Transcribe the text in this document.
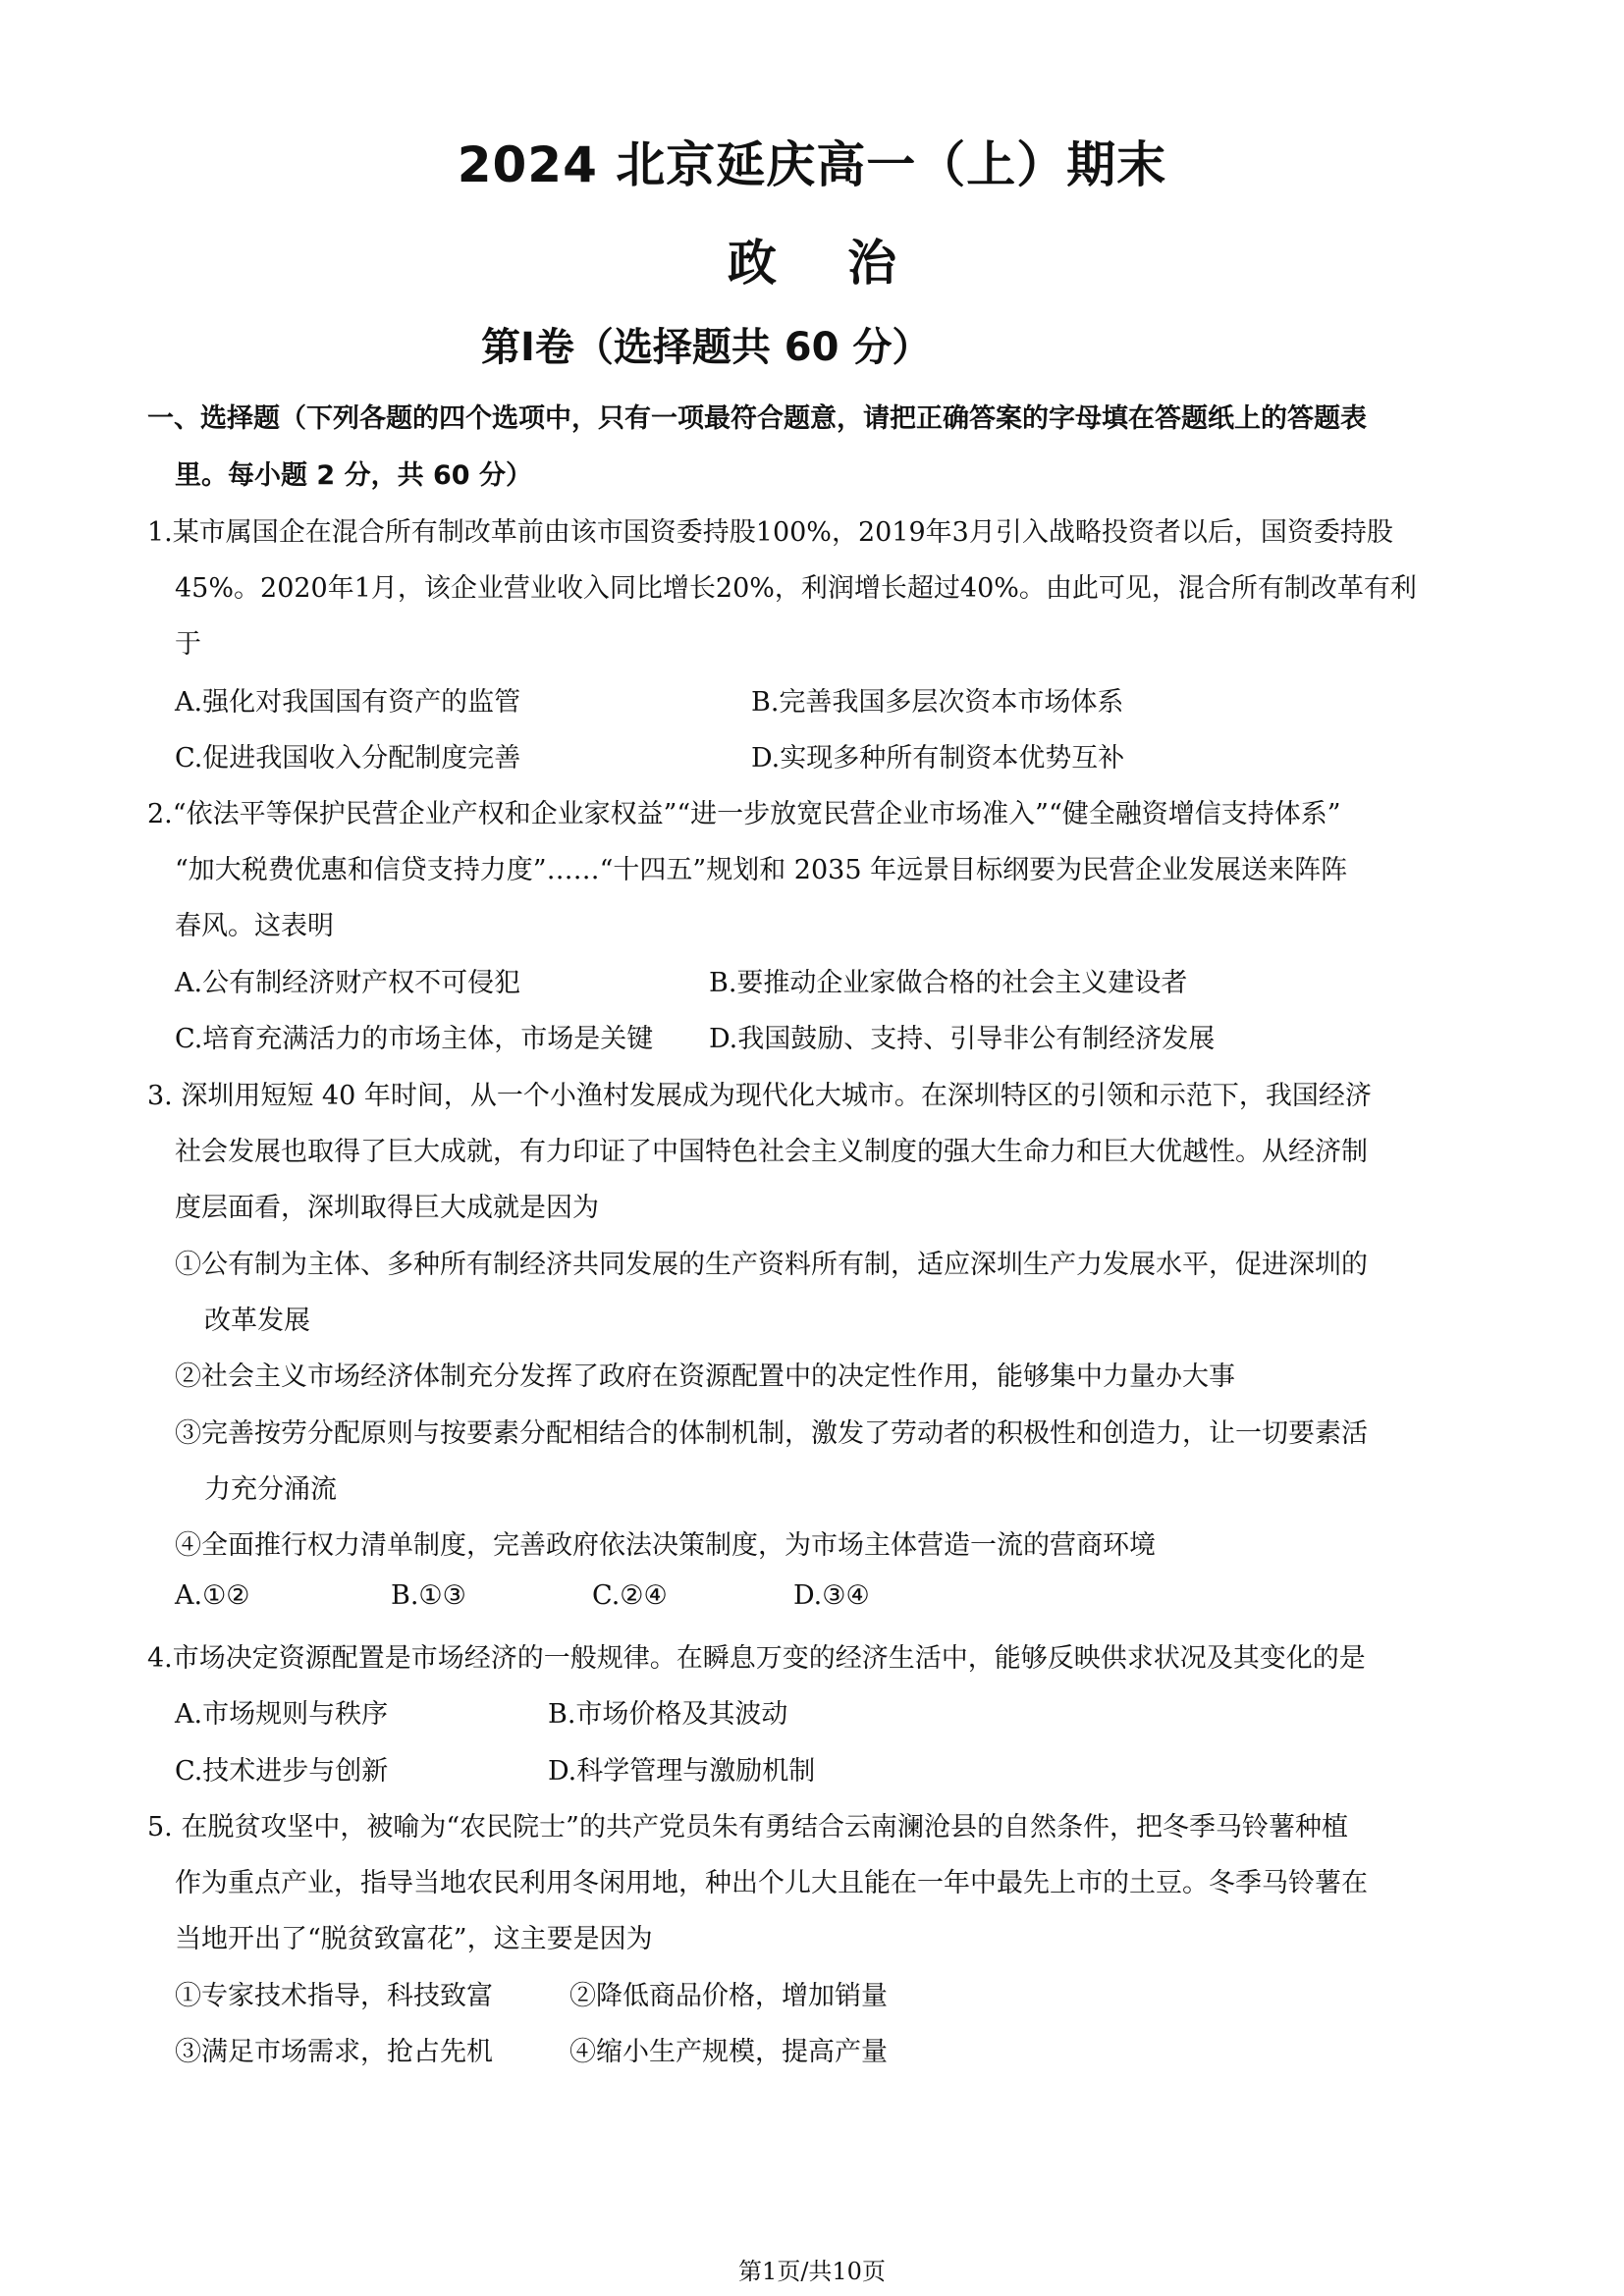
2024 北京延庆高一（上）期末
政治
第Ⅰ卷（选择题共 60 分）
一、选择题（下列各题的四个选项中，只有一项最符合题意，请把正确答案的字母填在答题纸上的答题表
里。每小题 2 分，共 60 分）
1.某市属国企在混合所有制改革前由该市国资委持股100%，2019年3月引入战略投资者以后，国资委持股
45%。2020年1月，该企业营业收入同比增长20%，利润增长超过40%。由此可见，混合所有制改革有利
于
A.强化对我国国有资产的监管	B.完善我国多层次资本市场体系
C.促进我国收入分配制度完善	D.实现多种所有制资本优势互补
2.“依法平等保护民营企业产权和企业家权益”“进一步放宽民营企业市场准入”“健全融资增信支持体系”
“加大税费优惠和信贷支持力度”……“十四五”规划和 2035 年远景目标纲要为民营企业发展送来阵阵
春风。这表明
A.公有制经济财产权不可侵犯	B.要推动企业家做合格的社会主义建设者
C.培育充满活力的市场主体，市场是关键 D.我国鼓励、支持、引导非公有制经济发展
3. 深圳用短短 40 年时间，从一个小渔村发展成为现代化大城市。在深圳特区的引领和示范下，我国经济
社会发展也取得了巨大成就，有力印证了中国特色社会主义制度的强大生命力和巨大优越性。从经济制
度层面看，深圳取得巨大成就是因为
①公有制为主体、多种所有制经济共同发展的生产资料所有制，适应深圳生产力发展水平，促进深圳的
改革发展
②社会主义市场经济体制充分发挥了政府在资源配置中的决定性作用，能够集中力量办大事
③完善按劳分配原则与按要素分配相结合的体制机制，激发了劳动者的积极性和创造力，让一切要素活
力充分涌流
④全面推行权力清单制度，完善政府依法决策制度，为市场主体营造一流的营商环境
A.①②	B.①③	C.②④	D.③④
4.市场决定资源配置是市场经济的一般规律。在瞬息万变的经济生活中，能够反映供求状况及其变化的是
A.市场规则与秩序	B.市场价格及其波动
C.技术进步与创新	D.科学管理与激励机制
5. 在脱贫攻坚中，被喻为“农民院士”的共产党员朱有勇结合云南澜沧县的自然条件，把冬季马铃薯种植
作为重点产业，指导当地农民利用冬闲用地，种出个儿大且能在一年中最先上市的土豆。冬季马铃薯在
当地开出了“脱贫致富花”，这主要是因为
①专家技术指导，科技致富	②降低商品价格，增加销量
③满足市场需求，抢占先机	④缩小生产规模，提高产量
第1页/共10页
